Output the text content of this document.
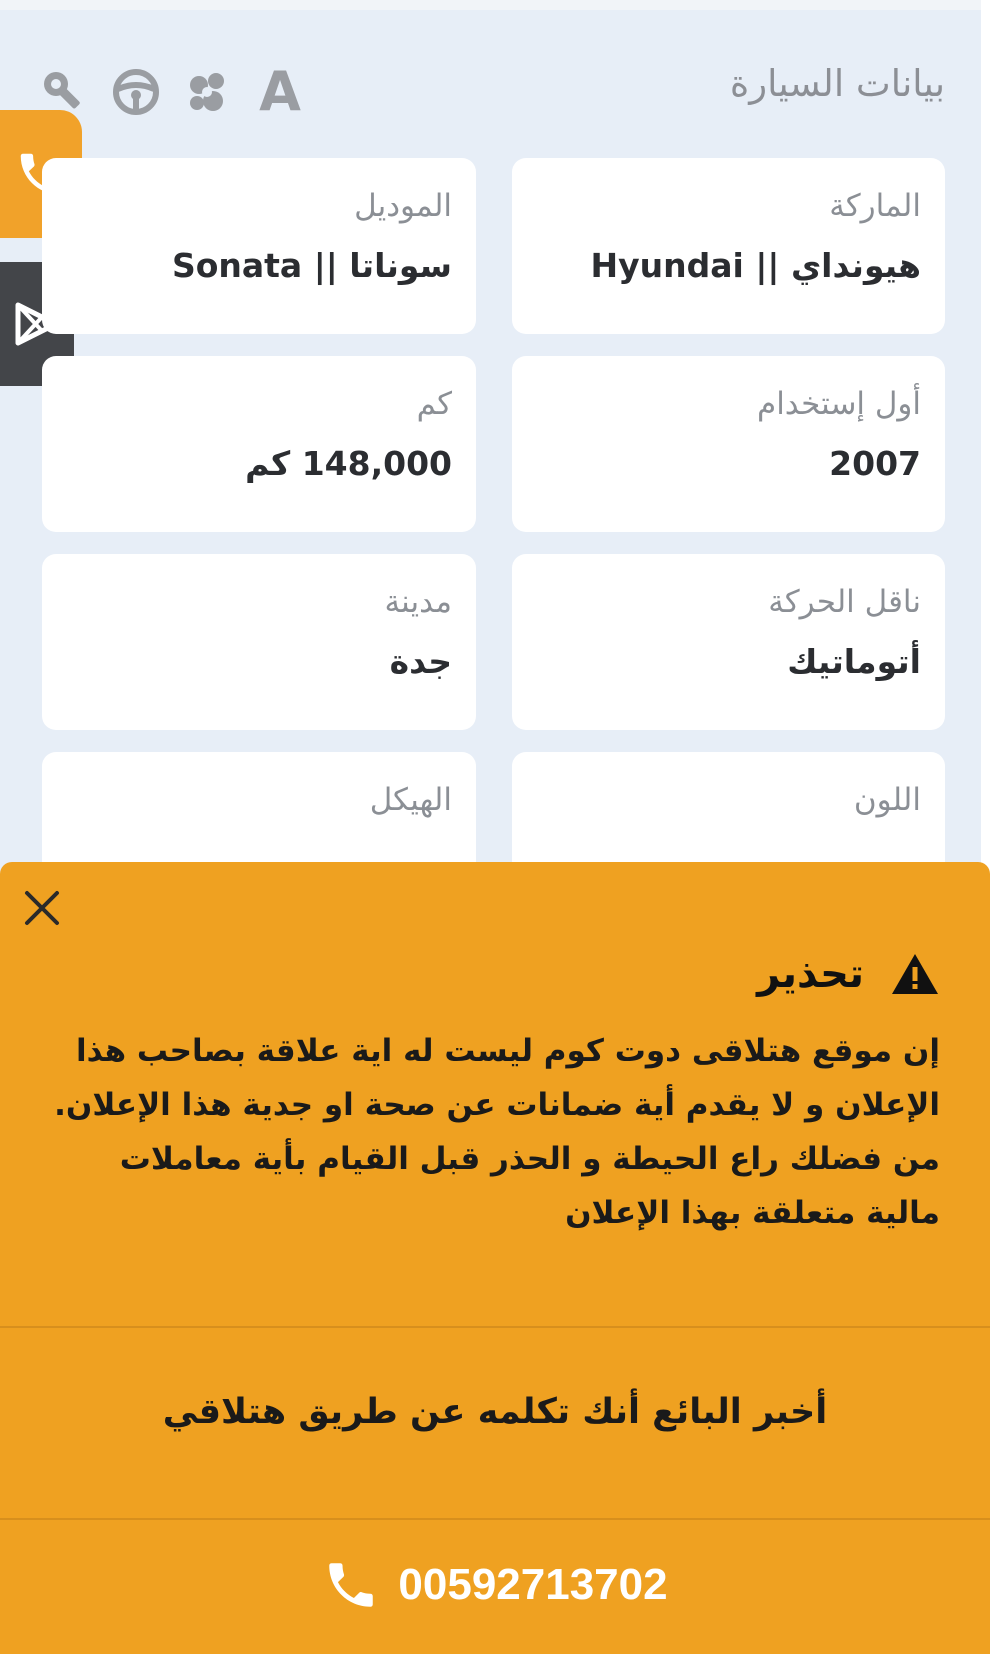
بيانات السيارة
A
الماركة
هيونداي || Hyundai
الموديل
سوناتا || Sonata
أول إستخدام
2007
كم
148,000 كم
ناقل الحركة
أتوماتيك
مدينة
جدة
اللون
الهيكل
تحذير
إن موقع هتلاقى دوت كوم ليست له اية علاقة بصاحب هذا الإعلان و لا يقدم أية ضمانات عن صحة او جدية هذا الإعلان. من فضلك راع الحيطة و الحذر قبل القيام بأية معاملات مالية متعلقة بهذا الإعلان
أخبر البائع أنك تكلمه عن طريق هتلاقي
00592713702
